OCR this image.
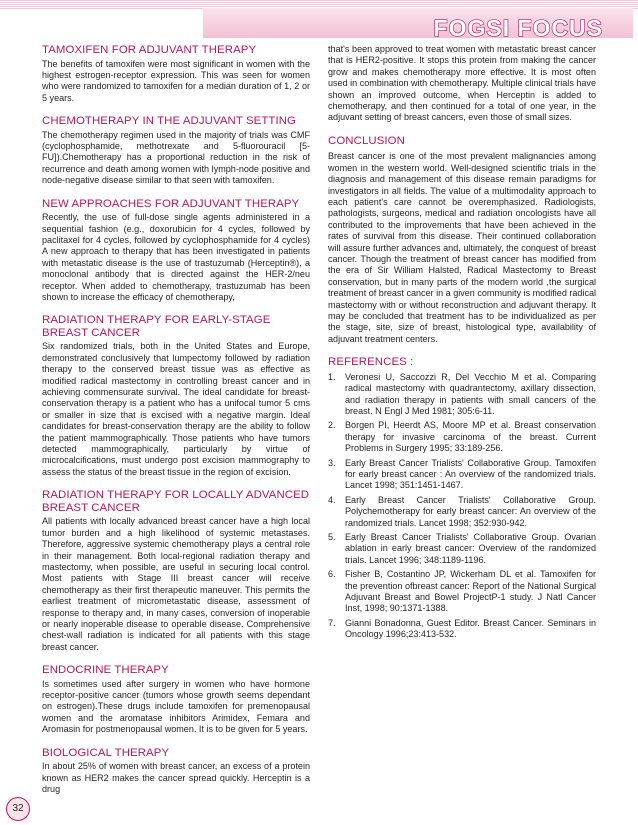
FOGSI FOCUS
TAMOXIFEN FOR ADJUVANT THERAPY

The benefits of tamoxifen were most significant in women with the highest estrogen-receptor expression. This was seen for women who were randomized to tamoxifen for a median duration of 1, 2 or 5 years.

CHEMOTHERAPY IN THE ADJUVANT SETTING

The chemotherapy regimen used in the majority of trials was CMF (cyclophosphamide, methotrexate and 5-fluorouracil [5-FU]).Chemotherapy has a proportional reduction in the risk of recurrence and death among women with lymph-node positive and node-negative disease similar to that seen with tamoxifen.

NEW APPROACHES FOR ADJUVANT THERAPY

Recently, the use of full-dose single agents administered in a sequential fashion (e.g., doxorubicin for 4 cycles, followed by paclitaxel for 4 cycles, followed by cyclophosphamide for 4 cycles) A new approach to therapy that has been investigated in patients with metastatic disease is the use of trastuzumab (Herceptin®), a monoclonal antibody that is directed against the HER-2/neu receptor. When added to chemotherapy, trastuzumab has been shown to increase the efficacy of chemotherapy,

RADIATION THERAPY FOR EARLY-STAGE BREAST CANCER

Six randomized trials, both in the United States and Europe, demonstrated conclusively that lumpectomy followed by radiation therapy to the conserved breast tissue was as effective as modified radical mastectomy in controlling breast cancer and in achieving commensurate survival. The ideal candidate for breast-conservation therapy is a patient who has a unifocal tumor 5 cms or smaller in size that is excised with a negative margin. Ideal candidates for breast-conservation therapy are the ability to follow the patient mammographically. Those patients who have tumors detected mammographically, particularly by virtue of microcalcifications, must undergo post excision mammography to assess the status of the breast tissue in the region of excision.

RADIATION THERAPY FOR LOCALLY ADVANCED BREAST CANCER

All patients with locally advanced breast cancer have a high local tumor burden and a high likelihood of systemic metastases. Therefore, aggressive systemic chemotherapy plays a central role in their management. Both local-regional radiation therapy and mastectomy, when possible, are useful in securing local control. Most patients with Stage III breast cancer will receive chemotherapy as their first therapeutic maneuver. This permits the earliest treatment of micrometastatic disease, assessment of response to therapy and, in many cases, conversion of inoperable or nearly inoperable disease to operable disease. Comprehensive chest-wall radiation is indicated for all patients with this stage breast cancer.

ENDOCRINE THERAPY

Is sometimes used after surgery in women who have hormone receptor-positive cancer (tumors whose growth seems dependant on estrogen).These drugs include tamoxifen for premenopausal women and the aromatase inhibitors Arimidex, Femara and Aromasin for postmenopausal women. It is to be given for 5 years.

BIOLOGICAL THERAPY

In about 25% of women with breast cancer, an excess of a protein known as HER2 makes the cancer spread quickly. Herceptin is a drug

that's been approved to treat women with metastatic breast cancer that is HER2-positive. It stops this protein from making the cancer grow and makes chemotherapy more effective. It is most often used in combination with chemotherapy. Multiple clinical trials have shown an improved outcome, when Herceptin is added to chemotherapy, and then continued for a total of one year, in the adjuvant setting of breast cancers, even those of small sizes.

CONCLUSION

Breast cancer is one of the most prevalent malignancies among women in the western world. Well-designed scientific trials in the diagnosis and management of this disease remain paradigms for investigators in all fields. The value of a multimodality approach to each patient's care cannot be overemphasized. Radiologists, pathologists, surgeons, medical and radiation oncologists have all contributed to the improvements that have been achieved in the rates of survival from this disease. Their continued collaboration will assure further advances and, ultimately, the conquest of breast cancer. Though the treatment of breast cancer has modified from the era of Sir William Halsted, Radical Mastectomy to Breast conservation, but in many parts of the modern world ,the surgical treatment of breast cancer in a given community is modified radical mastectomy with or without reconstruction and adjuvant therapy. It may be concluded that treatment has to be individualized as per the stage, site, size of breast, histological type, availability of adjuvant treatment centers.

REFERENCES :
1. Veronesi U, Saccozzi R, Del Vecchio M et al. Comparing radical mastectomy with quadrantectomy, axillary dissection, and radiation therapy in patients with small cancers of the breast. N Engl J Med 1981; 305:6-11.
2. Borgen PI, Heerdt AS, Moore MP et al. Breast conservation therapy for invasive carcinoma of the breast. Current Problems in Surgery 1995; 33:189-256.
3. Early Breast Cancer Trialists' Collaborative Group. Tamoxifen for early breast cancer : An overview of the randomized trials. Lancet 1998; 351:1451-1467.
4. Early Breast Cancer Trialists' Collaborative Group. Polychemotherapy for early breast cancer: An overview of the randomized trials. Lancet 1998; 352:930-942.
5. Early Breast Cancer Trialists' Collaborative Group. Ovarian ablation in early breast cancer: Overview of the randomized trials. Lancet 1996; 348:1189-1196.
6. Fisher B, Costantino JP, Wickerham DL et al. Tamoxifen for the prevention ofbreast cancer: Report of the National Surgical Adjuvant Breast and Bowel ProjectP-1 study. J Natl Cancer Inst, 1998; 90:1371-1388.
7. Gianni Bonadonna, Guest Editor. Breast Cancer. Seminars in Oncology 1996;23:413-532.
32
